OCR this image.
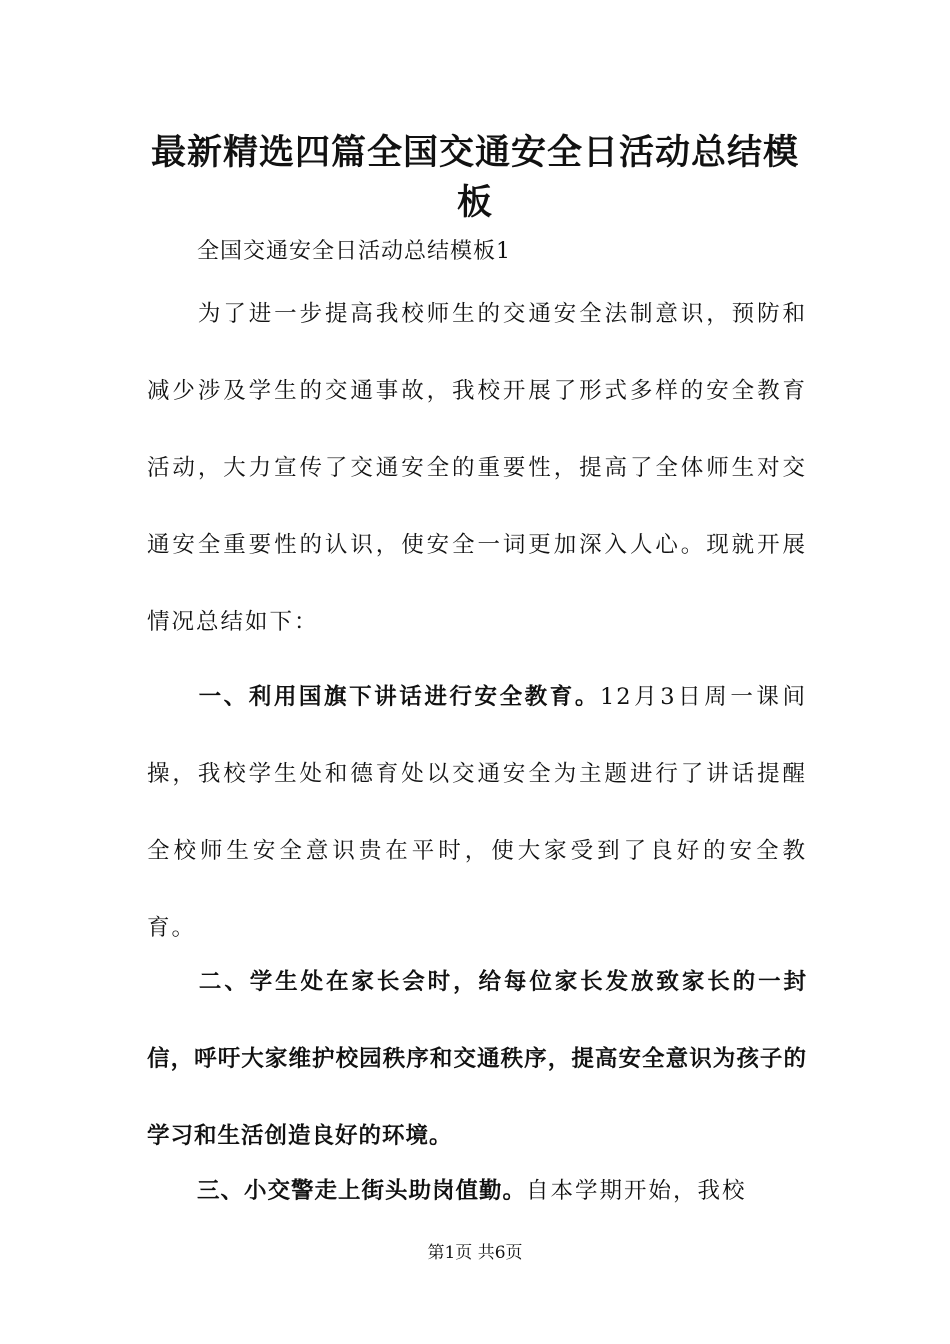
最新精选四篇全国交通安全日活动总结模板

全国交通安全日活动总结模板1

为了进一步提高我校师生的交通安全法制意识，预防和减少涉及学生的交通事故，我校开展了形式多样的安全教育活动，大力宣传了交通安全的重要性，提高了全体师生对交通安全重要性的认识，使安全一词更加深入人心。现就开展情况总结如下：

一、利用国旗下讲话进行安全教育。12月3日周一课间操，我校学生处和德育处以交通安全为主题进行了讲话提醒全校师生安全意识贵在平时，使大家受到了良好的安全教育。

二、学生处在家长会时，给每位家长发放致家长的一封信，呼吁大家维护校园秩序和交通秩序，提高安全意识为孩子的学习和生活创造良好的环境。

三、小交警走上街头助岗值勤。自本学期开始，我校

第1页 共6页
